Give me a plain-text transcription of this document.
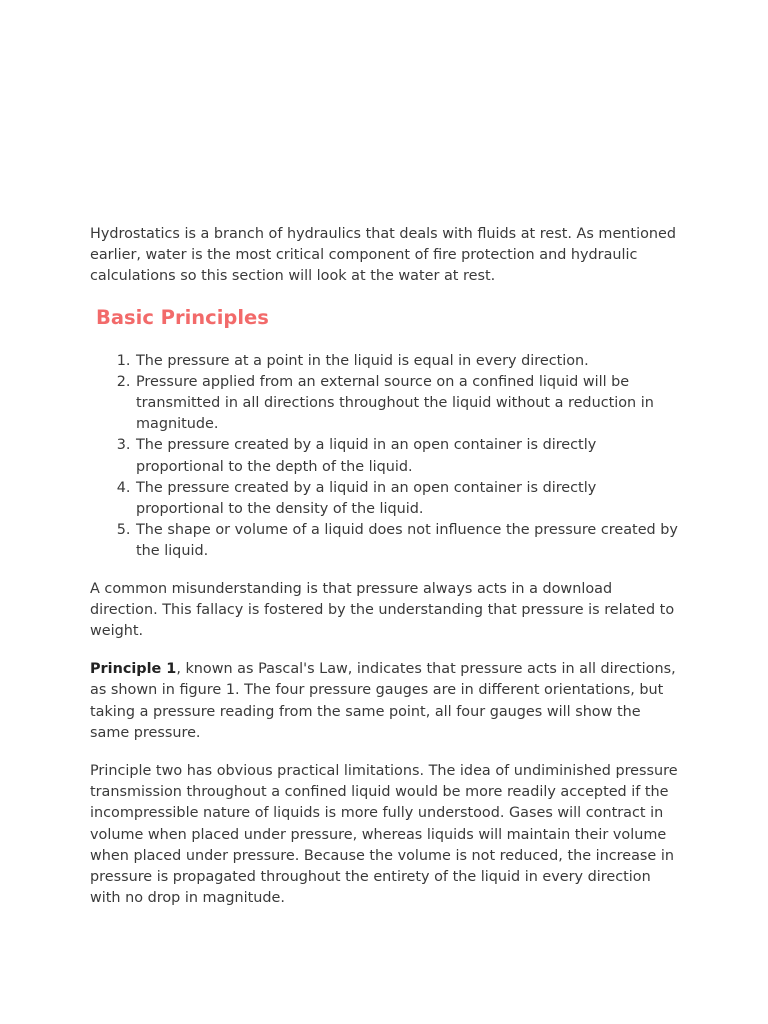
Hydrostatics is a branch of hydraulics that deals with fluids at rest. As mentioned earlier, water is the most critical component of fire protection and hydraulic calculations so this section will look at the water at rest.

Basic Principles
1. The pressure at a point in the liquid is equal in every direction.
2. Pressure applied from an external source on a confined liquid will be transmitted in all directions throughout the liquid without a reduction in magnitude.
3. The pressure created by a liquid in an open container is directly proportional to the depth of the liquid.
4. The pressure created by a liquid in an open container is directly proportional to the density of the liquid.
5. The shape or volume of a liquid does not influence the pressure created by the liquid.

A common misunderstanding is that pressure always acts in a download direction. This fallacy is fostered by the understanding that pressure is related to weight.

Principle 1, known as Pascal's Law, indicates that pressure acts in all directions, as shown in figure 1. The four pressure gauges are in different orientations, but taking a pressure reading from the same point, all four gauges will show the same pressure.

Principle two has obvious practical limitations. The idea of undiminished pressure transmission throughout a confined liquid would be more readily accepted if the incompressible nature of liquids is more fully understood. Gases will contract in volume when placed under pressure, whereas liquids will maintain their volume when placed under pressure. Because the volume is not reduced, the increase in pressure is propagated throughout the entirety of the liquid in every direction with no drop in magnitude.
